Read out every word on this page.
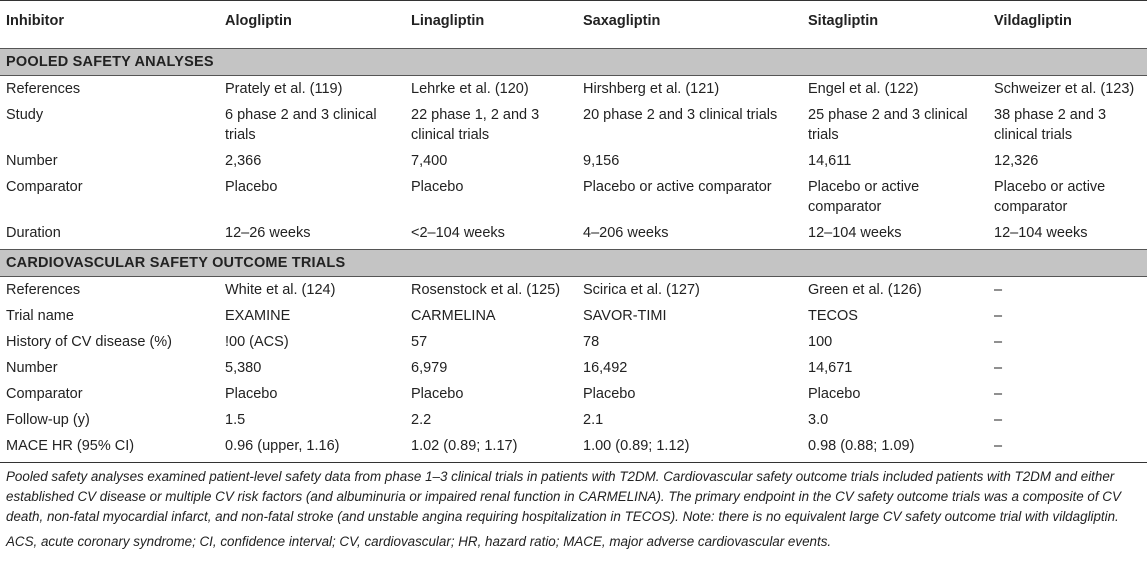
Inhibitor	Alogliptin	Linagliptin	Saxagliptin	Sitagliptin	Vildagliptin
POOLED SAFETY ANALYSES					
References	Prately et al. (119)	Lehrke et al. (120)	Hirshberg et al. (121)	Engel et al. (122)	Schweizer et al. (123)
Study	6 phase 2 and 3 clinical trials	22 phase 1, 2 and 3 clinical trials	20 phase 2 and 3 clinical trials	25 phase 2 and 3 clinical trials	38 phase 2 and 3 clinical trials
Number	2,366	7,400	9,156	14,611	12,326
Comparator	Placebo	Placebo	Placebo or active comparator	Placebo or active comparator	Placebo or active comparator
Duration	12–26 weeks	<2–104 weeks	4–206 weeks	12–104 weeks	12–104 weeks
CARDIOVASCULAR SAFETY OUTCOME TRIALS					
References	White et al. (124)	Rosenstock et al. (125)	Scirica et al. (127)	Green et al. (126)	–
Trial name	EXAMINE	CARMELINA	SAVOR-TIMI	TECOS	–
History of CV disease (%)	!00 (ACS)	57	78	100	–
Number	5,380	6,979	16,492	14,671	–
Comparator	Placebo	Placebo	Placebo	Placebo	–
Follow-up (y)	1.5	2.2	2.1	3.0	–
MACE HR (95% CI)	0.96 (upper, 1.16)	1.02 (0.89; 1.17)	1.00 (0.89; 1.12)	0.98 (0.88; 1.09)	–

Pooled safety analyses examined patient-level safety data from phase 1–3 clinical trials in patients with T2DM. Cardiovascular safety outcome trials included patients with T2DM and either established CV disease or multiple CV risk factors (and albuminuria or impaired renal function in CARMELINA). The primary endpoint in the CV safety outcome trials was a composite of CV death, non-fatal myocardial infarct, and non-fatal stroke (and unstable angina requiring hospitalization in TECOS). Note: there is no equivalent large CV safety outcome trial with vildagliptin.

ACS, acute coronary syndrome; CI, confidence interval; CV, cardiovascular; HR, hazard ratio; MACE, major adverse cardiovascular events.
